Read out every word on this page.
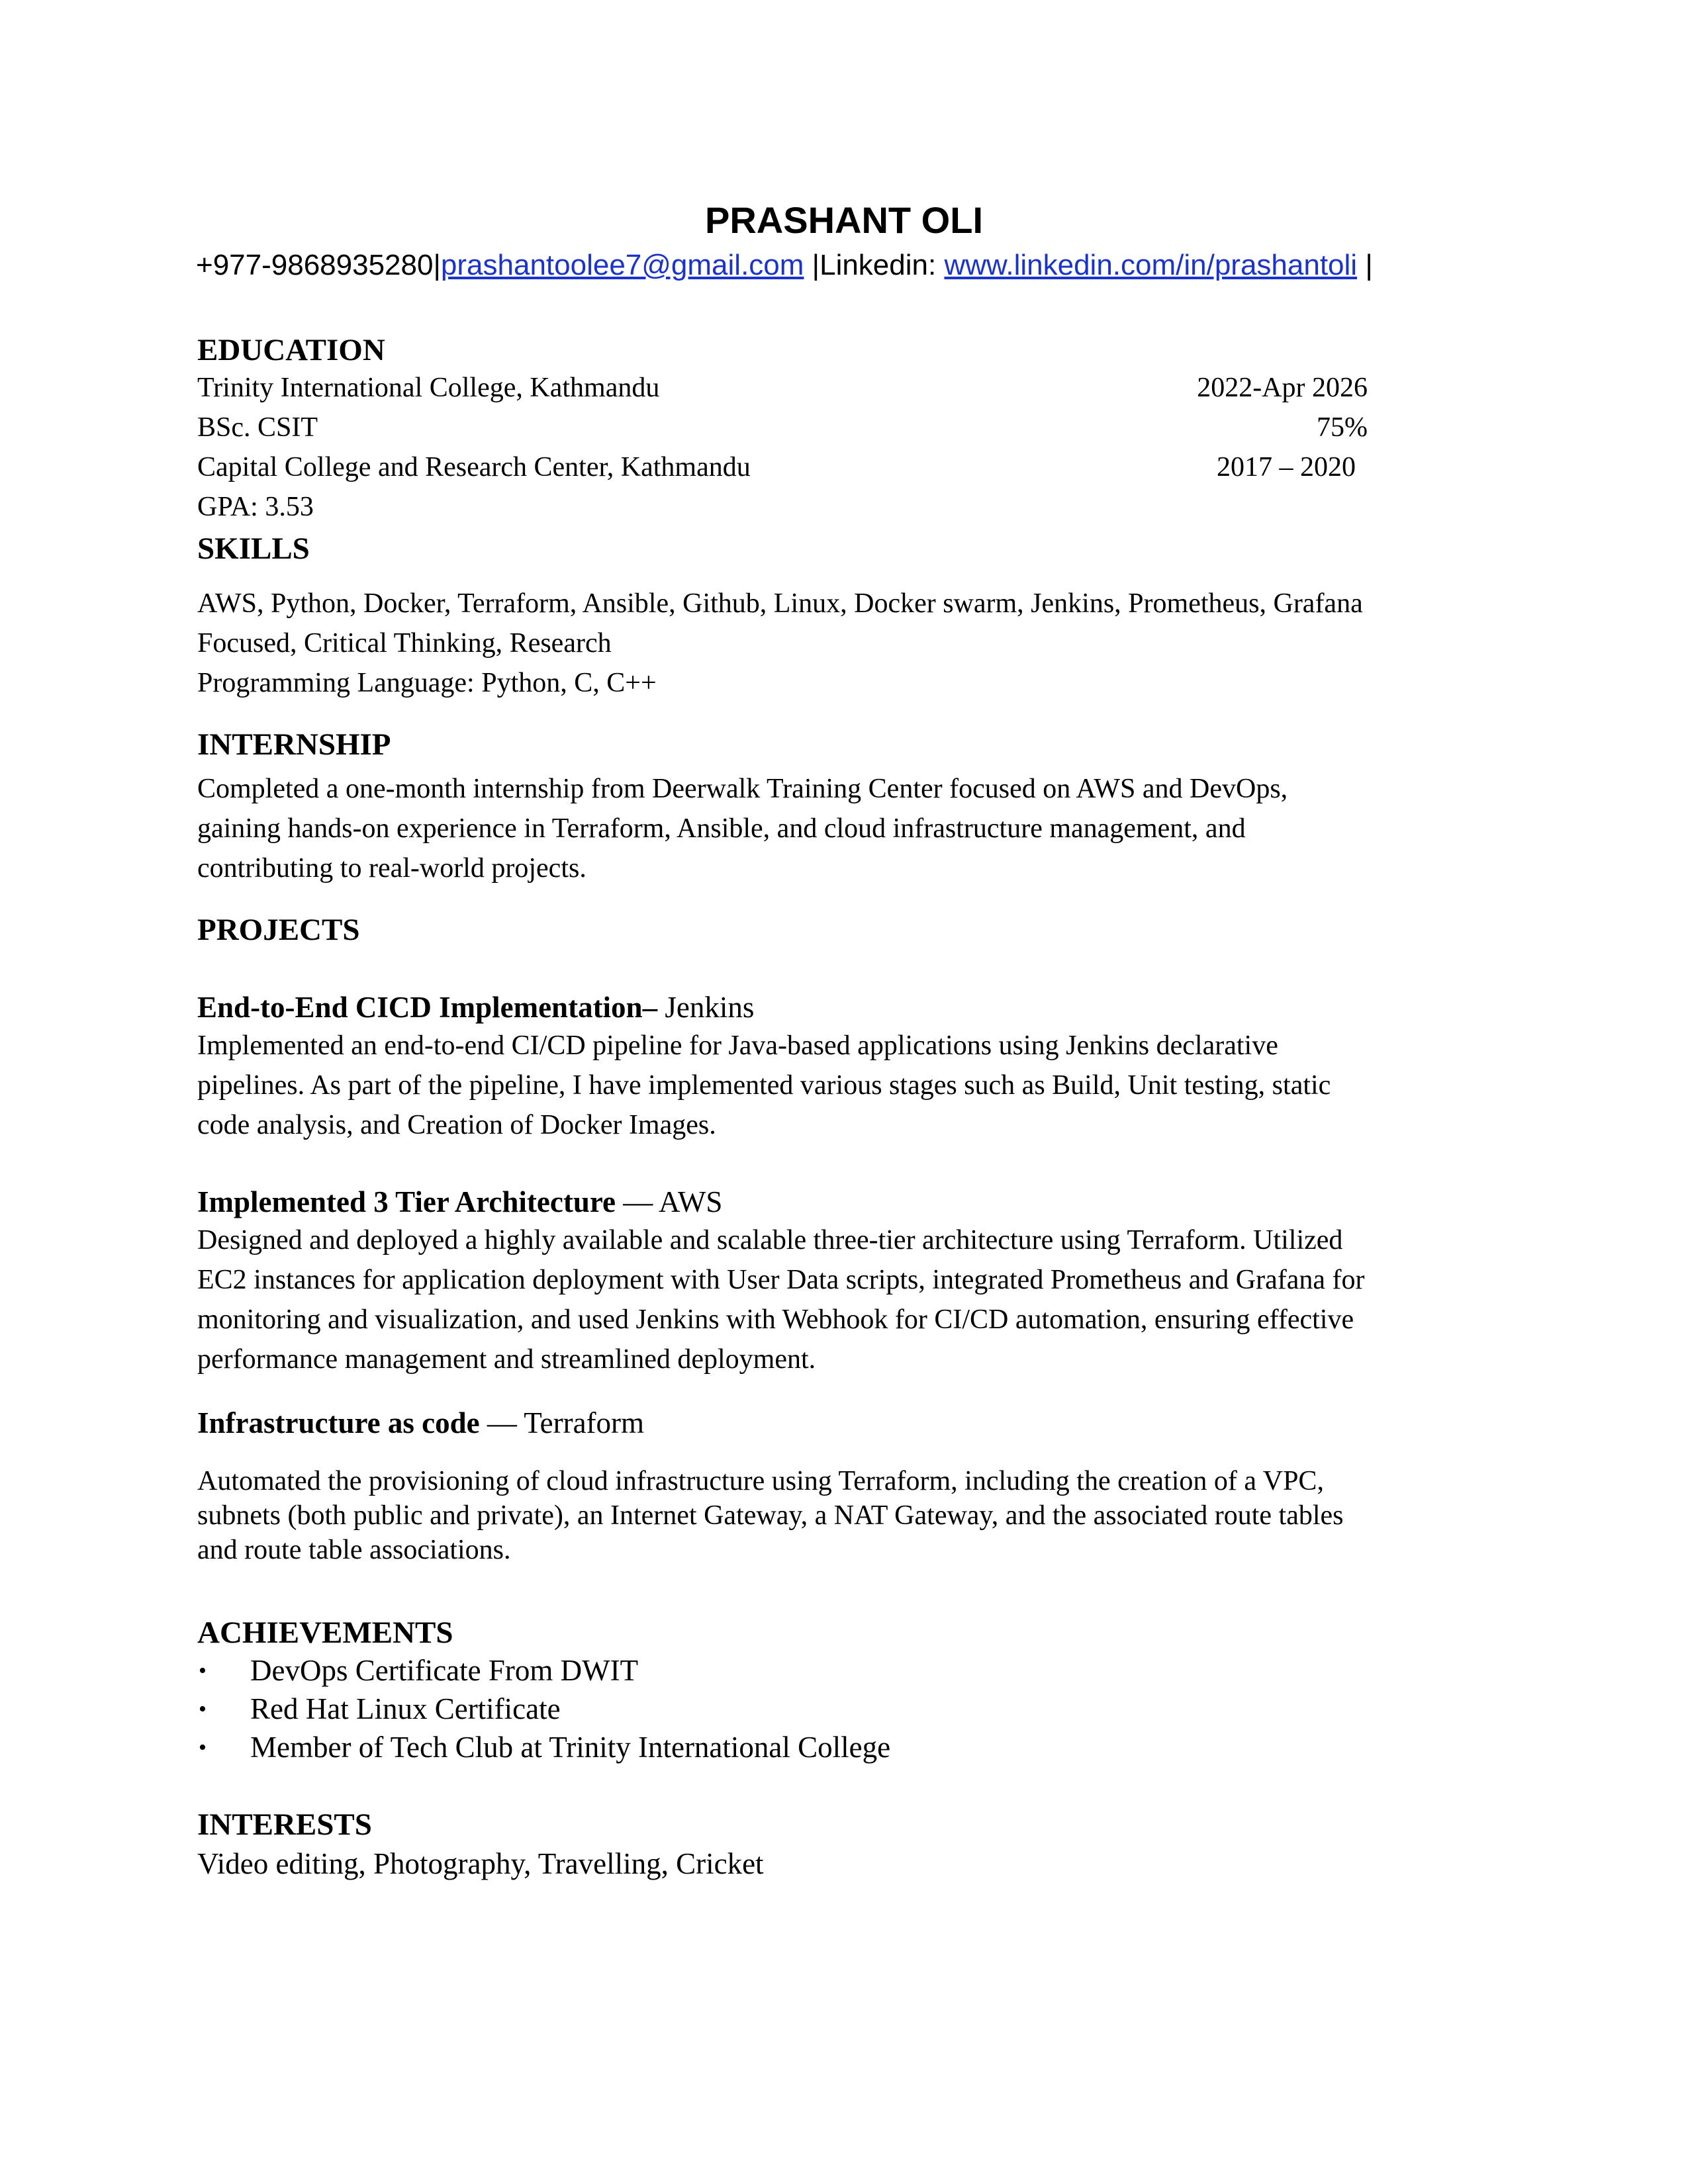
PRASHANT OLI
+977-9868935280|prashantoolee7@gmail.com |Linkedin: www.linkedin.com/in/prashantoli |
EDUCATION
Trinity International College, Kathmandu	2022-Apr 2026
BSc. CSIT	75%
Capital College and Research Center, Kathmandu	2017 – 2020
GPA: 3.53
SKILLS
AWS, Python, Docker, Terraform, Ansible, Github, Linux, Docker swarm, Jenkins, Prometheus, Grafana
Focused, Critical Thinking, Research
Programming Language: Python, C, C++
INTERNSHIP
Completed a one-month internship from Deerwalk Training Center focused on AWS and DevOps,
gaining hands-on experience in Terraform, Ansible, and cloud infrastructure management, and
contributing to real-world projects.
PROJECTS
End-to-End CICD Implementation– Jenkins
Implemented an end-to-end CI/CD pipeline for Java-based applications using Jenkins declarative
pipelines. As part of the pipeline, I have implemented various stages such as Build, Unit testing, static
code analysis, and Creation of Docker Images.
Implemented 3 Tier Architecture — AWS
Designed and deployed a highly available and scalable three-tier architecture using Terraform. Utilized
EC2 instances for application deployment with User Data scripts, integrated Prometheus and Grafana for
monitoring and visualization, and used Jenkins with Webhook for CI/CD automation, ensuring effective
performance management and streamlined deployment.
Infrastructure as code — Terraform
Automated the provisioning of cloud infrastructure using Terraform, including the creation of a VPC,
subnets (both public and private), an Internet Gateway, a NAT Gateway, and the associated route tables
and route table associations.
ACHIEVEMENTS
• DevOps Certificate From DWIT
• Red Hat Linux Certificate
• Member of Tech Club at Trinity International College
INTERESTS
Video editing, Photography, Travelling, Cricket
